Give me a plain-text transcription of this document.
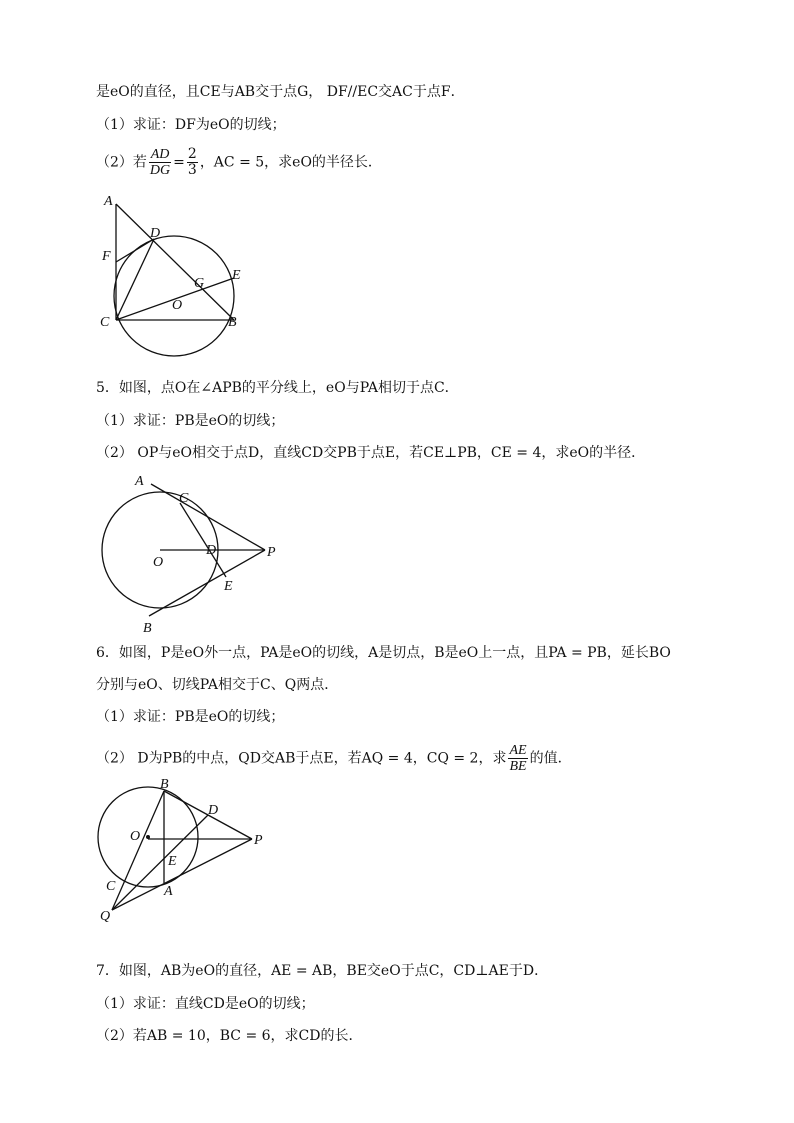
是eO的直径，且CE与AB交于点G， DF//EC交AC于点F．
（1）求证：DF为eO的切线；
（2）若 $\frac{AD}{DG} = \frac{2}{3}$ ，AC = 5，求eO的半径长．
A
D
F
E
G
O
C	B
5．如图，点O在∠APB的平分线上，eO与PA相切于点C．
（1）求证：PB是eO的切线；
（2） OP与eO相交于点D，直线CD交PB于点E，若CE⊥PB，CE = 4，求eO的半径．
A
C
D
O
P
E
B
6．如图，P是eO外一点，PA是eO的切线，A是切点，B是eO上一点，且PA = PB，延长BO
分别与eO、切线PA相交于C、Q两点．
（1）求证：PB是eO的切线；
（2） D为PB的中点，QD交AB于点E，若AQ = 4，CQ = 2，求 $\frac{AE}{BE}$ 的值．
B
D
O	P
E
C	A
Q
7．如图，AB为eO的直径，AE = AB，BE交eO于点C，CD⊥AE于D．
（1）求证：直线CD是eO的切线；
（2）若AB = 10，BC = 6，求CD的长．
